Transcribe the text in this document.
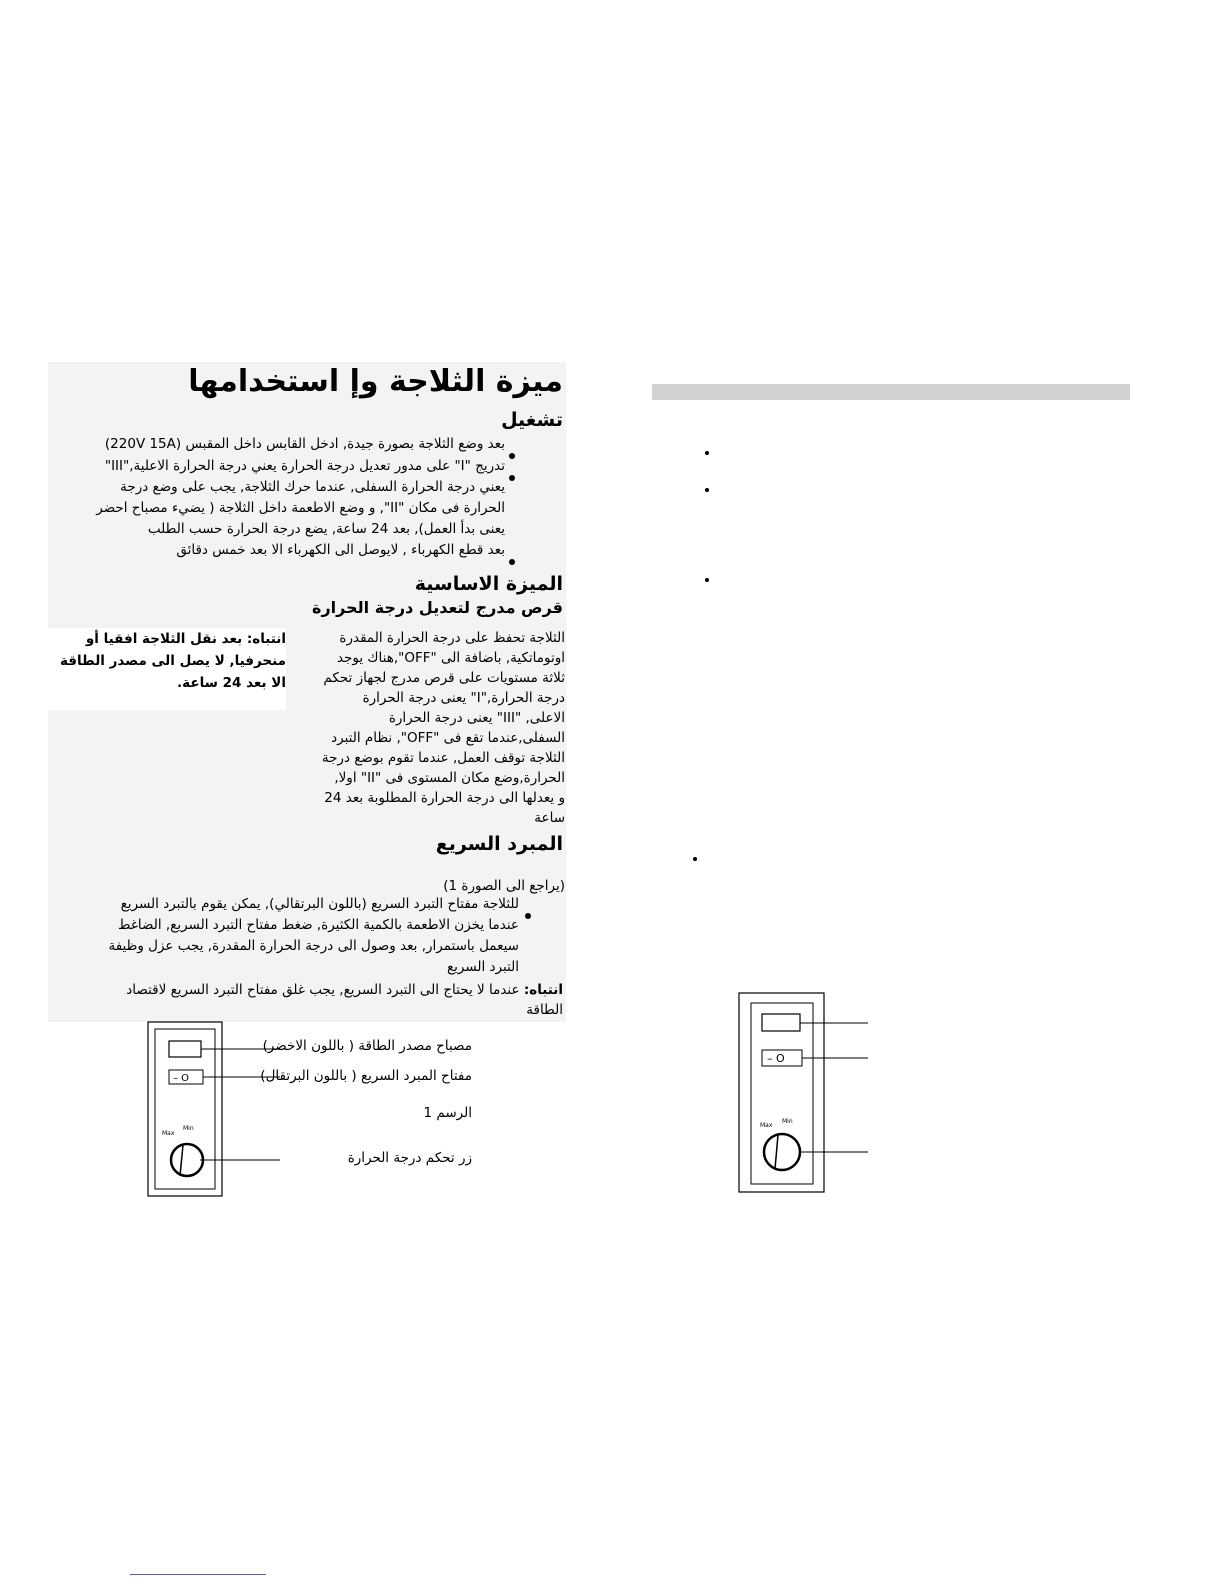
ميزة الثلاجة وإ استخدامها
تشغيل
بعد وضع الثلاجة بصورة جيدة, ادخل القابس داخل المقبس (220V 15A)
تدريج "I" على مدور تعديل درجة الحرارة يعني درجة الحرارة الاعلية,"III"
يعني درجة الحرارة السفلى, عندما حرك الثلاجة, يجب على وضع درجة
الحرارة فى مكان "II", و وضع الاطعمة داخل الثلاجة ( يضيء مصباح احضر
يعنى بدأ العمل), بعد 24 ساعة, يضع درجة الحرارة حسب الطلب
بعد قطع الكهرباء , لايوصل الى الكهرباء الا بعد خمس دقائق
الميزة الاساسية
قرص مدرج لتعديل درجة الحرارة
الثلاجة تحفظ على درجة الحرارة المقدرة
اوتوماتكية, باضافة الى "OFF",هناك يوجد
ثلاثة مستويات على قرص مدرج لجهاز تحكم
درجة الحرارة,"I" يعنى درجة الحرارة
الاعلى, "III" يعنى درجة الحرارة
السفلى,عندما تقع فى "OFF", نظام التبرد
الثلاجة توقف العمل, عندما تقوم بوضع درجة
الحرارة,وضع مكان المستوى فى "II" اولا,
و يعدلها الى درجة الحرارة المطلوبة بعد 24
ساعة
انتباه: بعد نقل الثلاجة افقيا أو
منحرفيا, لا يصل الى مصدر الطاقة
الا بعد 24 ساعة.
المبرد السريع
(يراجع الى الصورة 1)
للثلاجة مفتاح التبرد السريع (باللون البرتقالي), يمكن يقوم بالتبرد السريع
عندما يخزن الاطعمة بالكمية الكثيرة, ضغط مفتاح التبرد السريع, الضاغط
سيعمل باستمرار, بعد وصول الى درجة الحرارة المقدرة, يجب عزل وظيفة
التبرد السريع
انتباه: عندما لا يحتاج الى التبرد السريع, يجب غلق مفتاح التبرد السريع لاقتصاد
الطاقة
– O
Max
Min
مصباح مصدر الطاقة ( باللون الاخضر)
مفتاح المبرد السريع ( باللون البرتقال)
الرسم 1
زر تحكم درجة الحرارة
– O
Max
Min
